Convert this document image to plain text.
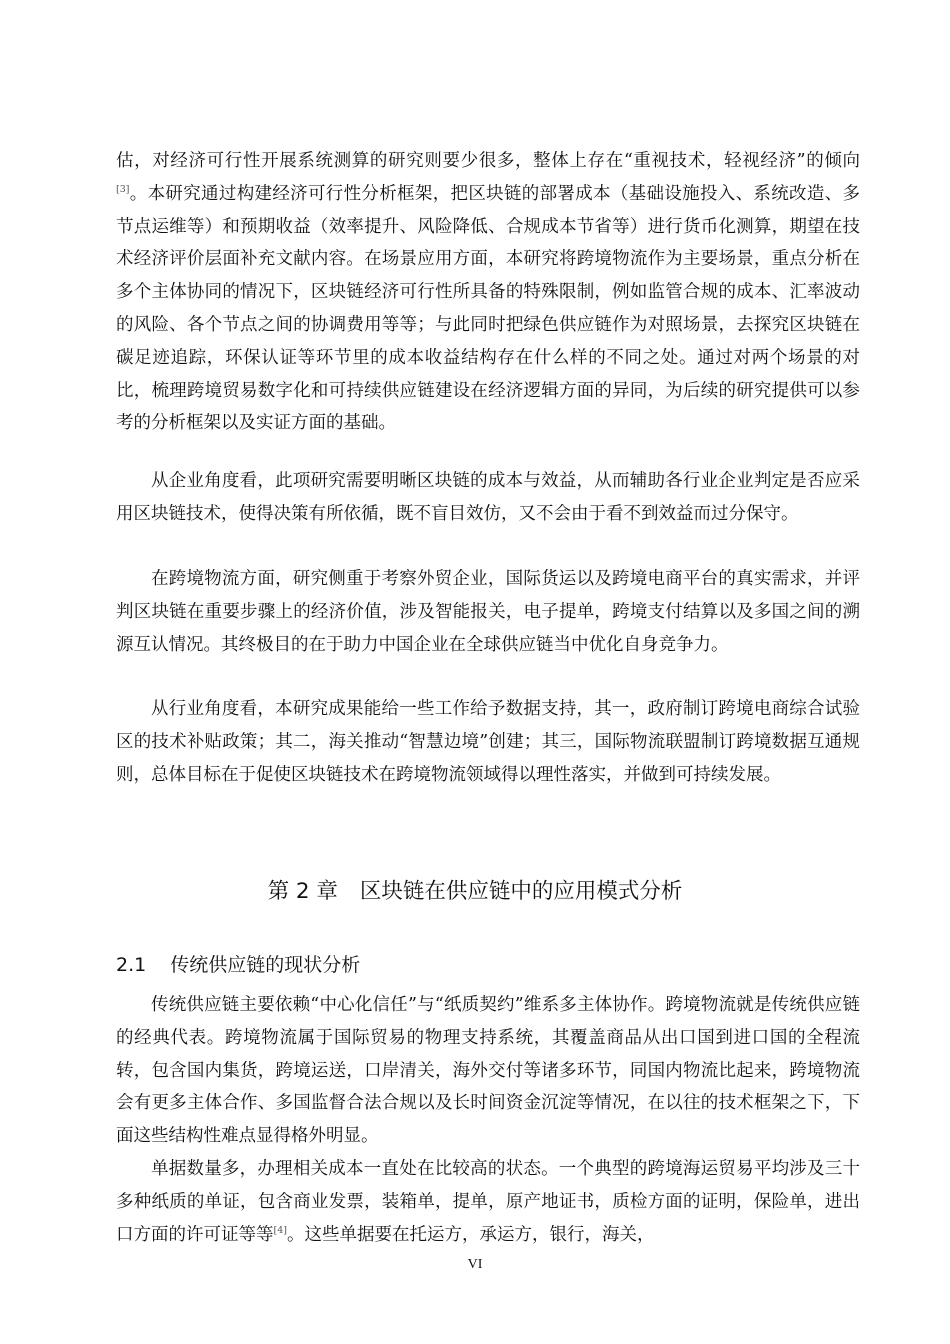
估，对经济可行性开展系统测算的研究则要少很多，整体上存在“重视技术，轻视经济”的倾向[3]。本研究通过构建经济可行性分析框架，把区块链的部署成本（基础设施投入、系统改造、多节点运维等）和预期收益（效率提升、风险降低、合规成本节省等）进行货币化测算，期望在技术经济评价层面补充文献内容。在场景应用方面，本研究将跨境物流作为主要场景，重点分析在多个主体协同的情况下，区块链经济可行性所具备的特殊限制，例如监管合规的成本、汇率波动的风险、各个节点之间的协调费用等等；与此同时把绿色供应链作为对照场景，去探究区块链在碳足迹追踪，环保认证等环节里的成本收益结构存在什么样的不同之处。通过对两个场景的对比，梳理跨境贸易数字化和可持续供应链建设在经济逻辑方面的异同，为后续的研究提供可以参考的分析框架以及实证方面的基础。

从企业角度看，此项研究需要明晰区块链的成本与效益，从而辅助各行业企业判定是否应采用区块链技术，使得决策有所依循，既不盲目效仿，又不会由于看不到效益而过分保守。

在跨境物流方面，研究侧重于考察外贸企业，国际货运以及跨境电商平台的真实需求，并评判区块链在重要步骤上的经济价值，涉及智能报关，电子提单，跨境支付结算以及多国之间的溯源互认情况。其终极目的在于助力中国企业在全球供应链当中优化自身竞争力。

从行业角度看，本研究成果能给一些工作给予数据支持，其一，政府制订跨境电商综合试验区的技术补贴政策；其二，海关推动“智慧边境”创建；其三，国际物流联盟制订跨境数据互通规则，总体目标在于促使区块链技术在跨境物流领域得以理性落实，并做到可持续发展。

第 2 章 区块链在供应链中的应用模式分析
2.1 传统供应链的现状分析

传统供应链主要依赖“中心化信任”与“纸质契约”维系多主体协作。跨境物流就是传统供应链的经典代表。跨境物流属于国际贸易的物理支持系统，其覆盖商品从出口国到进口国的全程流转，包含国内集货，跨境运送，口岸清关，海外交付等诸多环节，同国内物流比起来，跨境物流会有更多主体合作、多国监督合法合规以及长时间资金沉淀等情况，在以往的技术框架之下，下面这些结构性难点显得格外明显。

单据数量多，办理相关成本一直处在比较高的状态。一个典型的跨境海运贸易平均涉及三十多种纸质的单证，包含商业发票，装箱单，提单，原产地证书，质检方面的证明，保险单，进出口方面的许可证等等[4]。这些单据要在托运方，承运方，银行，海关，

VI
